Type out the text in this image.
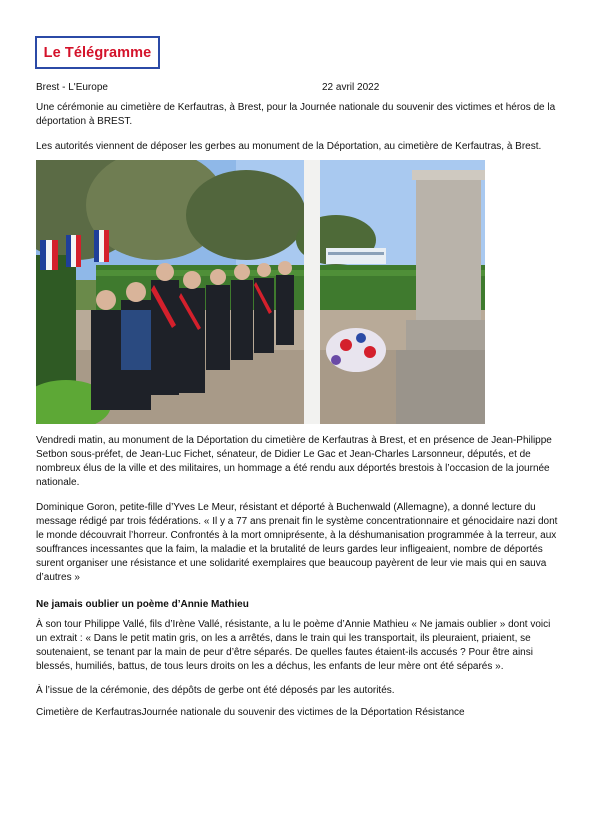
Le Télégramme
Brest - L'Europe	22 avril 2022

Une cérémonie au cimetière de Kerfautras, à Brest, pour la Journée nationale du souvenir des victimes et héros de la déportation à BREST.

Les autorités viennent de déposer les gerbes au monument de la Déportation, au cimetière de Kerfautras, à Brest.

Vendredi matin, au monument de la Déportation du cimetière de Kerfautras à Brest, et en présence de Jean-Philippe Setbon sous-préfet, de Jean-Luc Fichet, sénateur, de Didier Le Gac et Jean-Charles Larsonneur, députés, et de nombreux élus de la ville et des militaires, un hommage a été rendu aux déportés brestois à l’occasion de la journée nationale.

Dominique Goron, petite-fille d’Yves Le Meur, résistant et déporté à Buchenwald (Allemagne), a donné lecture du message rédigé par trois fédérations. « Il y a 77 ans prenait fin le système concentrationnaire et génocidaire nazi dont le monde découvrait l’horreur. Confrontés à la mort omniprésente, à la déshumanisation programmée à la terreur, aux souffrances incessantes que la faim, la maladie et la brutalité de leurs gardes leur infligeaient, nombre de déportés surent organiser une résistance et une solidarité exemplaires que beaucoup payèrent de leur vie mais qui en sauva d’autres »

Ne jamais oublier un poème d’Annie Mathieu

À son tour Philippe Vallé, fils d’Irène Vallé, résistante, a lu le poème d’Annie Mathieu « Ne jamais oublier » dont voici un extrait : « Dans le petit matin gris, on les a arrêtés, dans le train qui les transportait, ils pleuraient, priaient, se soutenaient, se tenant par la main de peur d’être séparés. De quelles fautes étaient-ils accusés ? Pour être ainsi blessés, humiliés, battus, de tous leurs droits on les a déchus, les enfants de leur mère ont été séparés ».

À l’issue de la cérémonie, des dépôts de gerbe ont été déposés par les autorités.

Cimetière de KerfautrasJournée nationale du souvenir des victimes de la Déportation Résistance
